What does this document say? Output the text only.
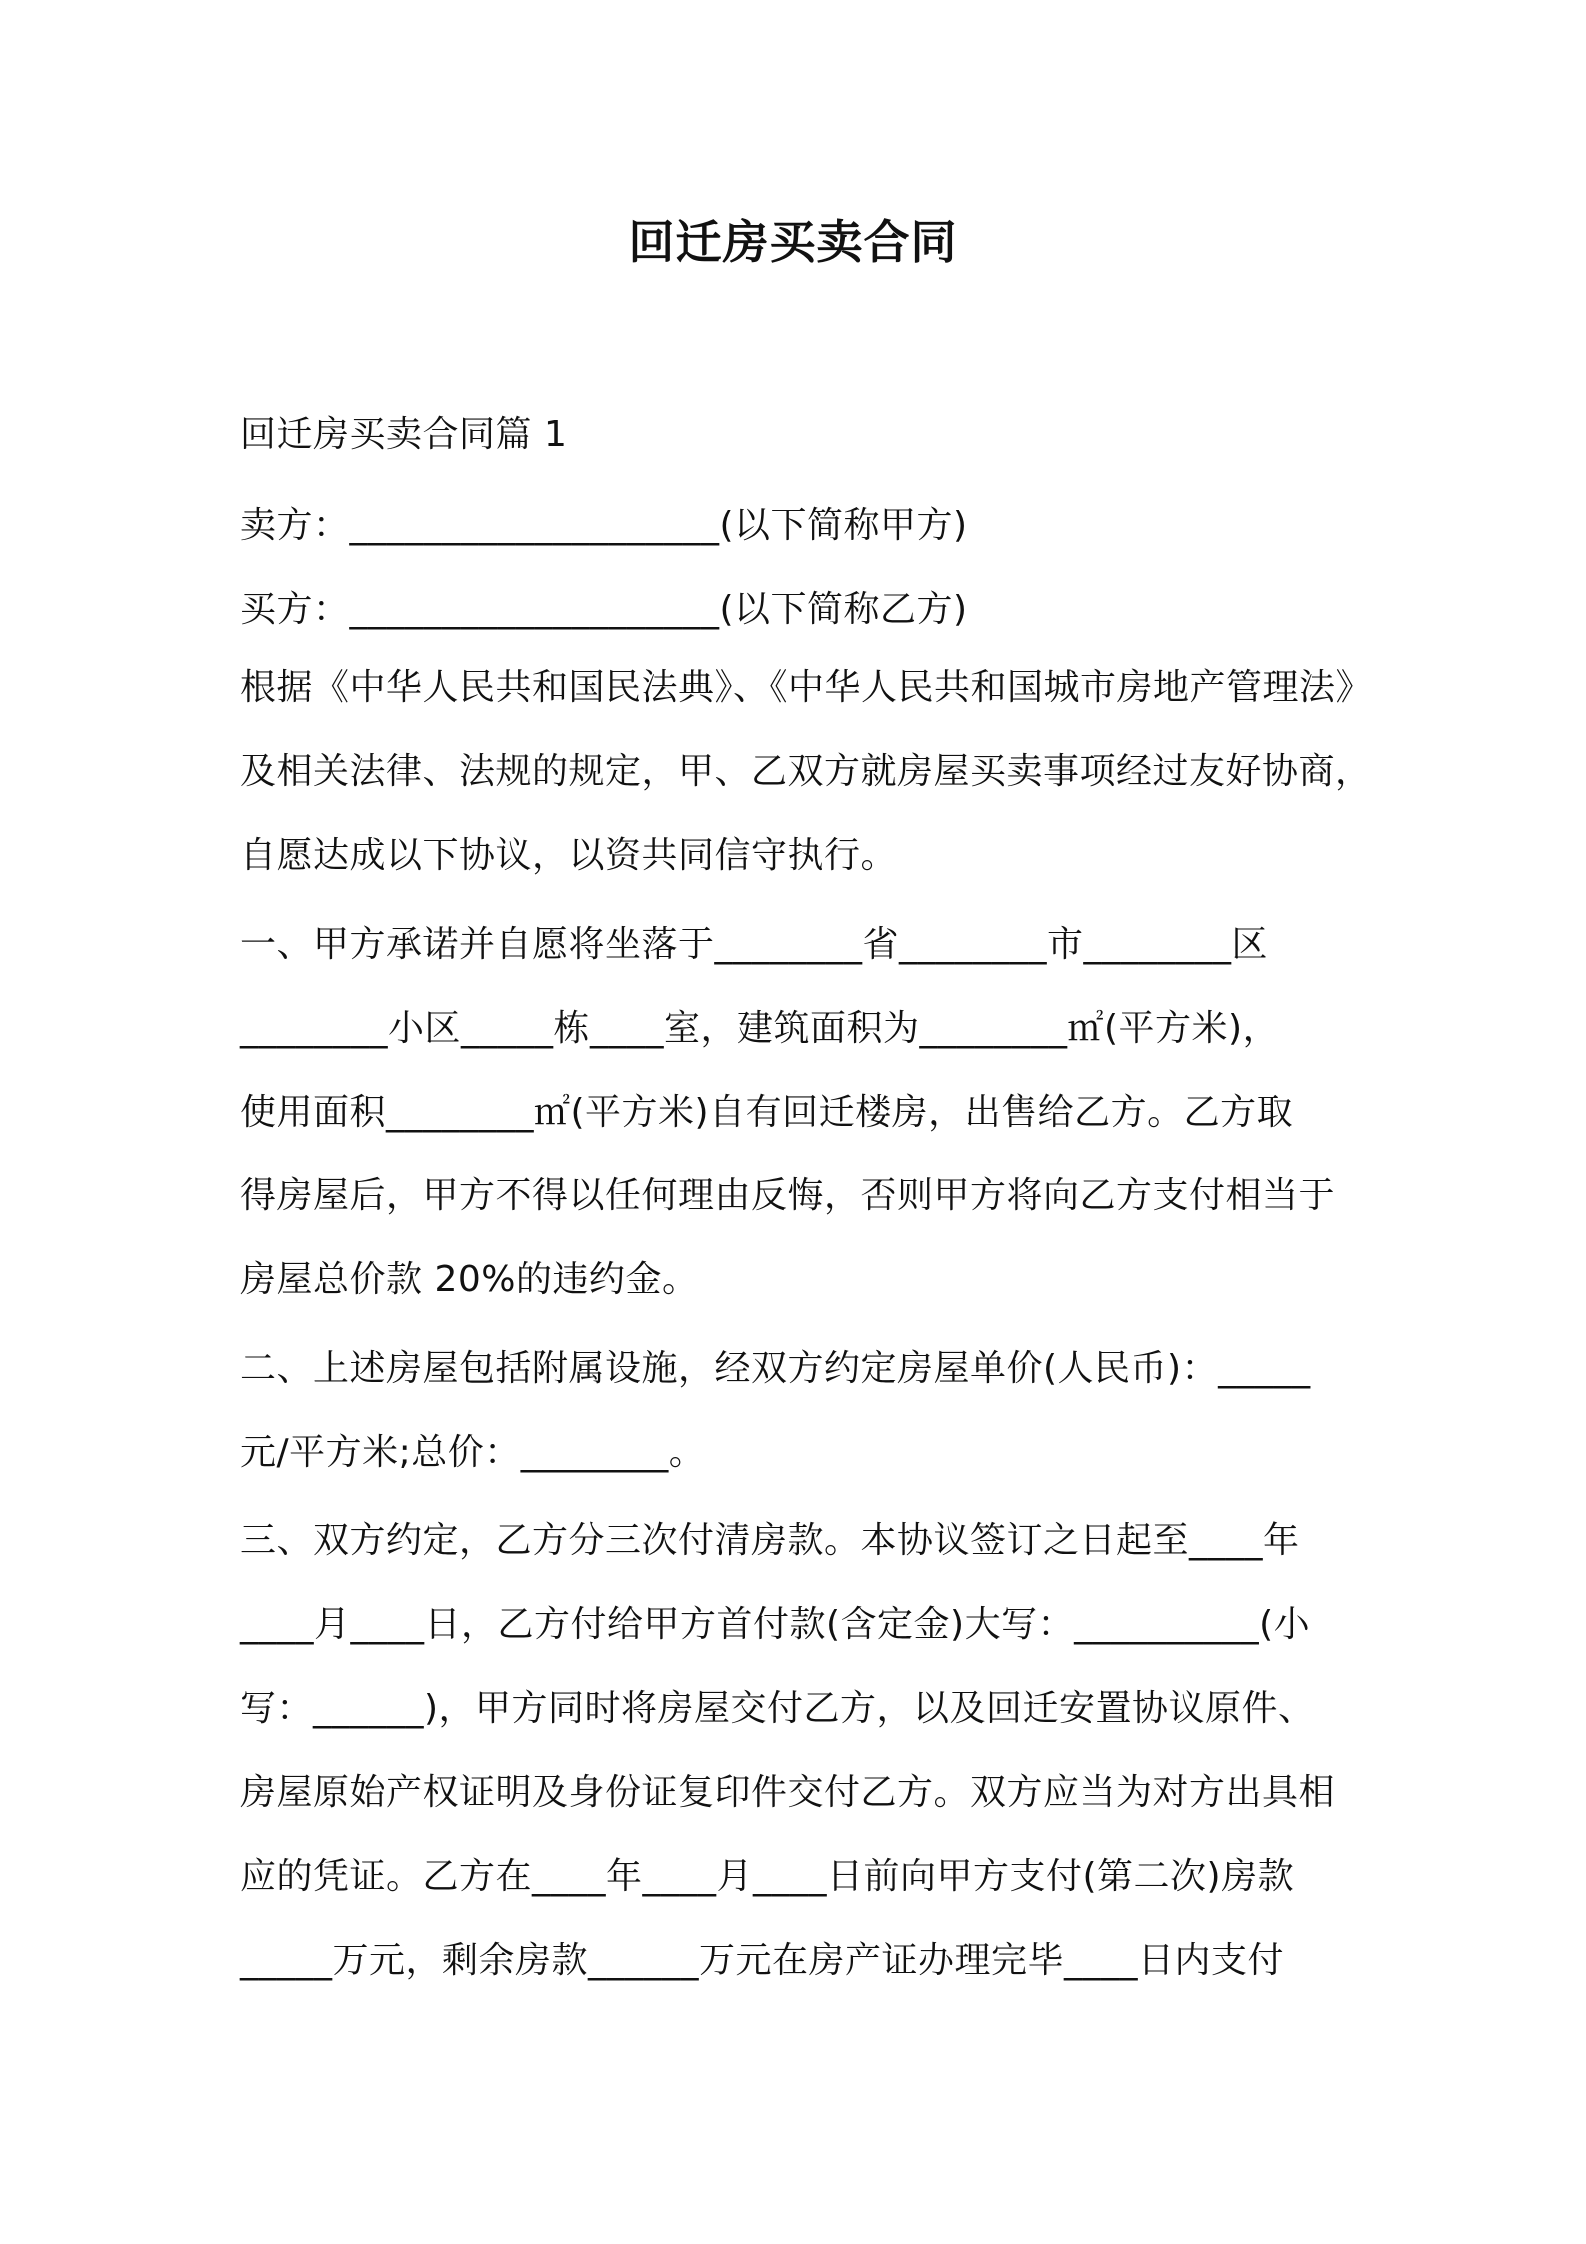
回迁房买卖合同
回迁房买卖合同篇 1
卖方：____________________(以下简称甲方)
买方：____________________(以下简称乙方)
根据《中华人民共和国民法典》、《中华人民共和国城市房地产管理法》
及相关法律、法规的规定，甲、乙双方就房屋买卖事项经过友好协商，
自愿达成以下协议，以资共同信守执行。
一、甲方承诺并自愿将坐落于________省________市________区
________小区_____栋____室，建筑面积为________㎡(平方米)，
使用面积________㎡(平方米)自有回迁楼房，出售给乙方。乙方取
得房屋后，甲方不得以任何理由反悔，否则甲方将向乙方支付相当于
房屋总价款 20%的违约金。
二、上述房屋包括附属设施，经双方约定房屋单价(人民币)：_____
元/平方米;总价：________。
三、双方约定，乙方分三次付清房款。本协议签订之日起至____年
____月____日，乙方付给甲方首付款(含定金)大写：__________(小
写：______)，甲方同时将房屋交付乙方，以及回迁安置协议原件、
房屋原始产权证明及身份证复印件交付乙方。双方应当为对方出具相
应的凭证。乙方在____年____月____日前向甲方支付(第二次)房款
_____万元，剩余房款______万元在房产证办理完毕____日内支付
